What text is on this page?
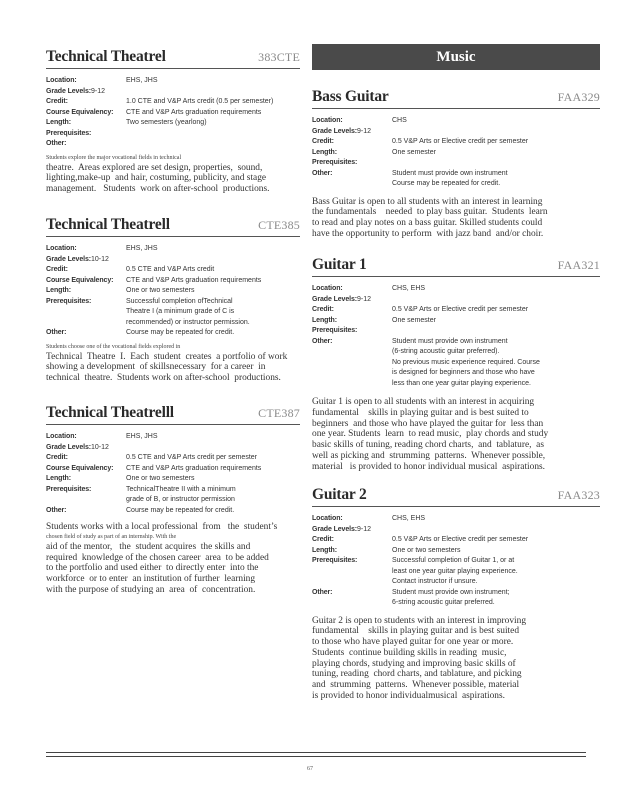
Technical Theatrel	383CTE
Location:	EHS, JHS
Grade Levels: 9-12
Credit:	1.0 CTE and V&P Arts credit (0.5 per semester)
Course Equivalency:	CTE and V&P Arts graduation requirements
Length:	Two semesters (yearlong)
Prerequisites:
Other:
Students explore the major vocational fields in technical
theatre.  Areas explored are set design, properties,  sound,
lighting,make-up  and hair, costuming, publicity, and stage
management.   Students  work on after-school  productions.
Technical Theatrell	CTE385
Location:	EHS, JHS
Grade Levels: 10-12
Credit:	0.5 CTE and V&P Arts credit
Course Equivalency:	CTE and V&P Arts graduation requirements
Length:	One or two semesters
Prerequisites:	Successful completion ofTechnical
Theatre I (a minimum grade of C is
recommended) or instructor permission.
Other:	Course may be repeated for credit.
Students choose one of the vocational fields explored in
Technical  Theatre  I.  Each  student  creates  a portfolio of work
showing a development  of skillsnecessary  for a career  in
technical  theatre.  Students work on after-school  productions.
Technical Theatrelll	CTE387
Location:	EHS, JHS
Grade Levels: 10-12
Credit:	0.5 CTE and V&P Arts credit per semester
Course Equivalency:	CTE and V&P Arts graduation requirements
Length:	One or two semesters
Prerequisites:	TechnicalTheatre II with a minimum
grade of B, or instructor permission
Other:	Course may be repeated for credit.
Students works with a local professional  from   the  student’s
chosen field of study as part of an internship. With the
aid of the mentor,   the  student acquires  the skills and
required  knowledge of the chosen career  area  to be added
to the portfolio and used either  to directly enter  into the
workforce  or to enter  an institution of further  learning
with the purpose of studying an  area  of  concentration.
Music
Bass Guitar	FAA329
Location:	CHS
Grade Levels: 9-12
Credit:	0.5 V&P Arts or Elective credit per semester
Length:	One semester
Prerequisites:
Other:	Student must provide own instrument
Course may be repeated for credit.
Bass Guitar is open to all students with an interest in learning
the fundamentals    needed  to play bass guitar.  Students  learn
to read and play notes on a bass guitar. Skilled students could
have the opportunity to perform  with jazz band  and/or choir.
Guitar 1	FAA321
Location:	CHS, EHS
Grade Levels: 9-12
Credit:	0.5 V&P Arts or Elective credit per semester
Length:	One semester
Prerequisites:
Other:	Student must provide own instrument
(6-string acoustic guitar preferred).
No previous music experience required. Course
is designed for beginners and those who have
less than one year guitar playing experience.
Guitar 1 is open to all students with an interest in acquiring
fundamental    skills in playing guitar and is best suited to
beginners  and those who have played the guitar for  less than
one year. Students  learn  to read music,  play chords and study
basic skills of tuning, reading chord charts,  and  tablature,  as
well as picking and  strumming  patterns.  Whenever possible,
material   is provided to honor individual musical  aspirations.
Guitar 2	FAA323
Location:	CHS, EHS
Grade Levels: 9-12
Credit:	0.5 V&P Arts or Elective credit per semester
Length:	One or two semesters
Prerequisites:	Successful completion of Guitar 1, or at
least one year guitar playing experience.
Contact instructor if unsure.
Other:	Student must provide own instrument;
6-string acoustic guitar preferred.
Guitar 2 is open to students with an interest in improving
fundamental    skills in playing guitar and is best suited
to those who have played guitar for one year or more.
Students  continue building skills in reading  music,
playing chords, studying and improving basic skills of
tuning, reading  chord charts, and tablature, and picking
and  strumming  patterns.  Whenever possible, material
is provided to honor individualmusical  aspirations.
67
